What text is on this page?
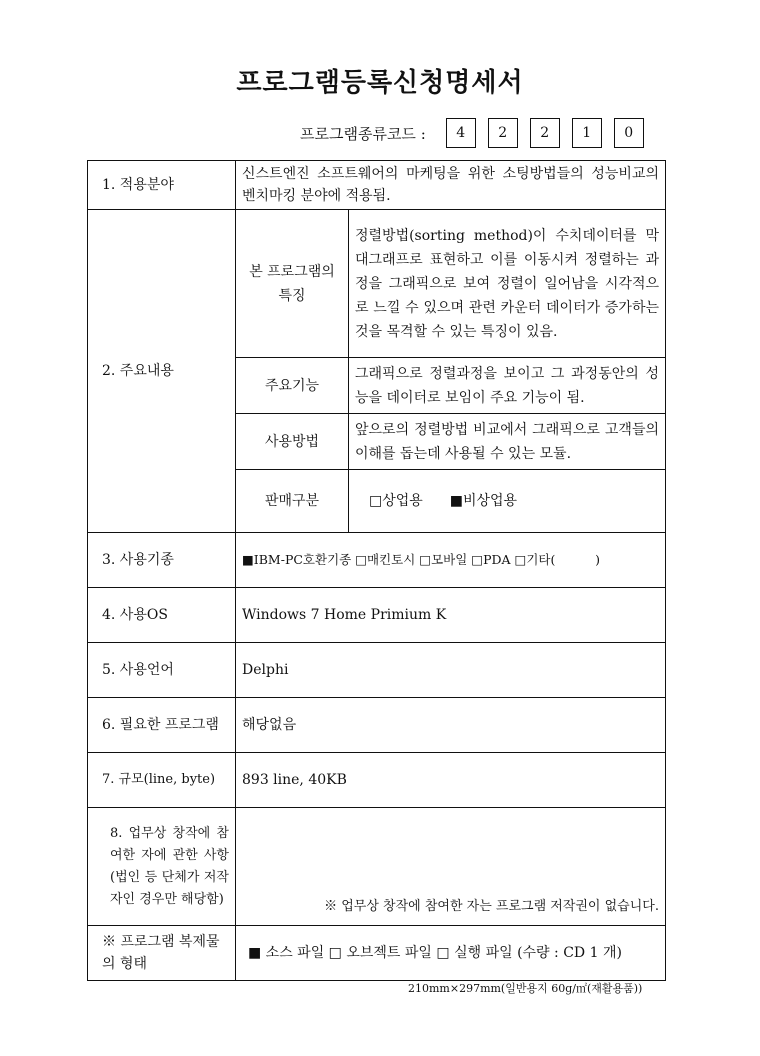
프로그램등록신청명세서
프로그램종류코드 :	4	2	2	1	0
1. 적용분야	신스트엔진 소프트웨어의 마케팅을 위한 소팅방법들의 성능비교의 벤치마킹 분야에 적용됨.	
2. 주요내용	본 프로그램의 특징	정렬방법(sorting method)이 수치데이터를 막대그래프로 표현하고 이를 이동시켜 정렬하는 과정을 그래픽으로 보여 정렬이 일어남을 시각적으로 느낄 수 있으며 관련 카운터 데이터가 증가하는 것을 목격할 수 있는 특징이 있음.
	주요기능	그래픽으로 정렬과정을 보이고 그 과정동안의 성능을 데이터로 보임이 주요 기능이 됨.
	사용방법	앞으로의 정렬방법 비교에서 그래픽으로 고객들의 이해를 돕는데 사용될 수 있는 모듈.
	판매구분	□상업용 ■비상업용
3. 사용기종	■IBM-PC호환기종 □매킨토시 □모바일 □PDA □기타(          )	
4. 사용OS	Windows 7 Home Primium K	
5. 사용언어	Delphi	
6. 필요한 프로그램	해당없음	
7. 규모(line, byte)	893 line, 40KB	
8. 업무상 창작에 참여한 자에 관한 사항(법인 등 단체가 저작자인 경우만 해당함)	※ 업무상 창작에 참여한 자는 프로그램 저작권이 없습니다.	
※ 프로그램 복제물의 형태	■ 소스 파일 □ 오브젝트 파일 □ 실행 파일 (수량 : CD 1 개)	
210mm×297mm(일반용지 60g/㎡(재활용품))
